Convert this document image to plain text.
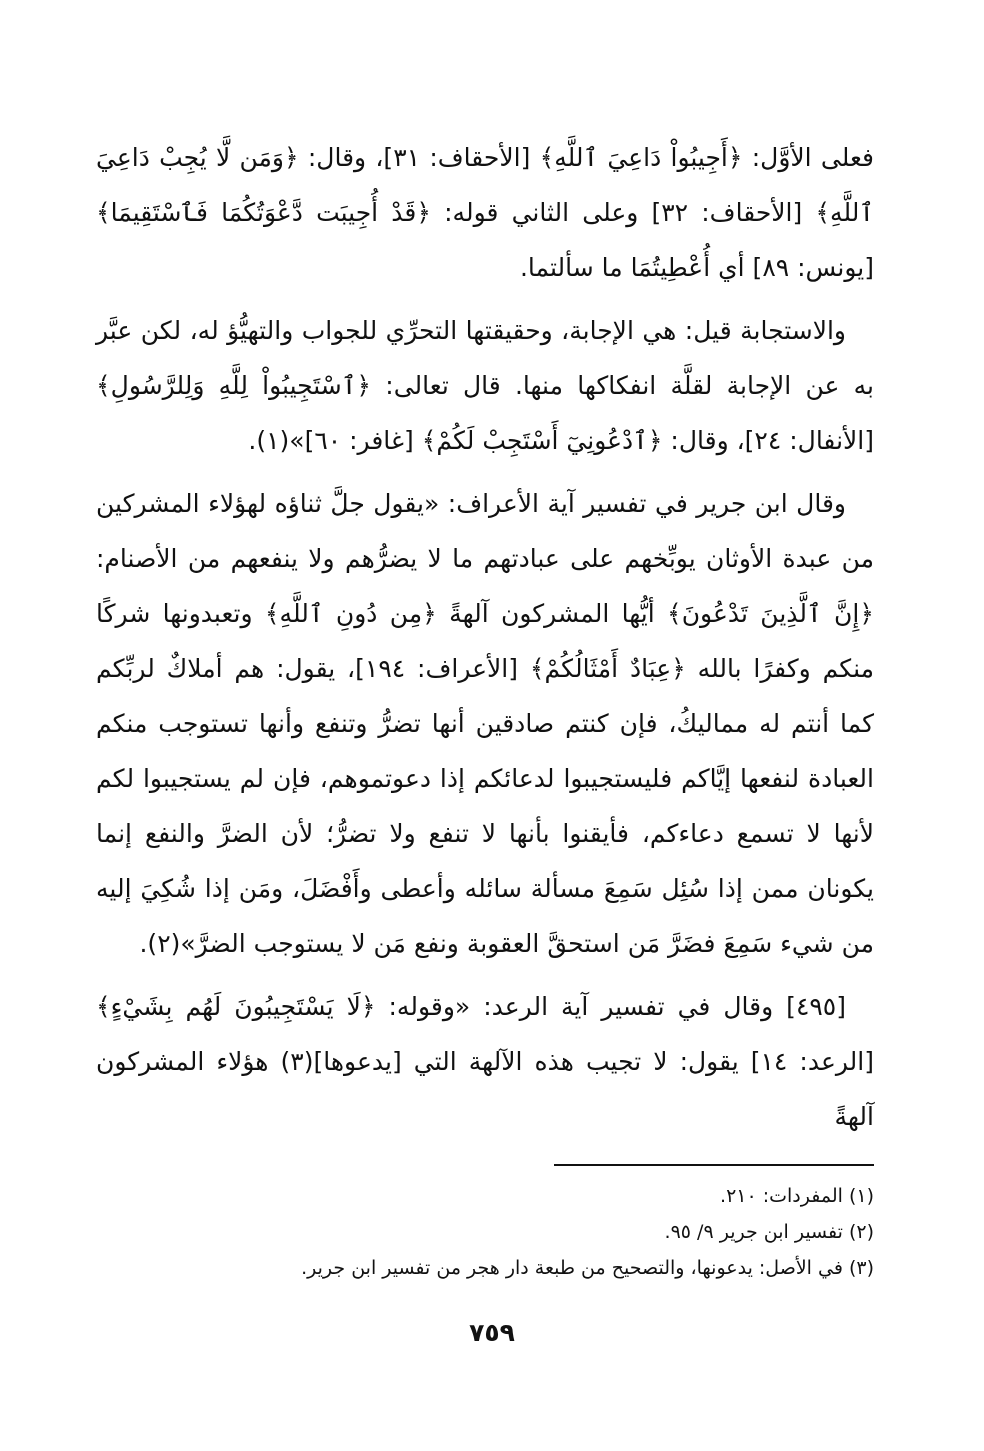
فعلى الأوَّل: ﴿أَجِيبُواْ دَاعِيَ ٱللَّهِ﴾ [الأحقاف: ٣١]، وقال: ﴿وَمَن لَّا يُجِبْ دَاعِيَ ٱللَّهِ﴾ [الأحقاف: ٣٢] وعلى الثاني قوله: ﴿قَدْ أُجِيبَت دَّعْوَتُكُمَا فَٱسْتَقِيمَا﴾ [يونس: ٨٩] أي أُعْطِيتُمَا ما سألتما.

والاستجابة قيل: هي الإجابة، وحقيقتها التحرِّي للجواب والتهيُّؤ له، لكن عبَّر به عن الإجابة لقلَّة انفكاكها منها. قال تعالى: ﴿ٱسْتَجِيبُواْ لِلَّهِ وَلِلرَّسُولِ﴾ [الأنفال: ٢٤]، وقال: ﴿ٱدْعُونِيٓ أَسْتَجِبْ لَكُمْ﴾ [غافر: ٦٠]»(١).

وقال ابن جرير في تفسير آية الأعراف: «يقول جلَّ ثناؤه لهؤلاء المشركين من عبدة الأوثان يوبِّخهم على عبادتهم ما لا يضرُّهم ولا ينفعهم من الأصنام: ﴿إِنَّ ٱلَّذِينَ تَدْعُونَ﴾ أيُّها المشركون آلهةً ﴿مِن دُونِ ٱللَّهِ﴾ وتعبدونها شركًا منكم وكفرًا بالله ﴿عِبَادٌ أَمْثَالُكُمْ﴾ [الأعراف: ١٩٤]، يقول: هم أملاكٌ لربِّكم كما أنتم له مماليكُ، فإن كنتم صادقين أنها تضرُّ وتنفع وأنها تستوجب منكم العبادة لنفعها إيَّاكم فليستجيبوا لدعائكم إذا دعوتموهم، فإن لم يستجيبوا لكم لأنها لا تسمع دعاءكم، فأيقنوا بأنها لا تنفع ولا تضرُّ؛ لأن الضرَّ والنفع إنما يكونان ممن إذا سُئِل سَمِعَ مسألة سائله وأعطى وأَفْضَلَ، ومَن إذا شُكِيَ إليه من شيء سَمِعَ فضَرَّ مَن استحقَّ العقوبة ونفع مَن لا يستوجب الضرَّ»(٢).

[٤٩٥] وقال في تفسير آية الرعد: «وقوله: ﴿لَا يَسْتَجِيبُونَ لَهُم بِشَيْءٍ﴾ [الرعد: ١٤] يقول: لا تجيب هذه الآلهة التي [يدعوها](٣) هؤلاء المشركون آلهةً

(١) المفردات: ٢١٠.

(٢) تفسير ابن جرير ٩/ ٩٥.

(٣) في الأصل: يدعونها، والتصحيح من طبعة دار هجر من تفسير ابن جرير.

٧٥٩
